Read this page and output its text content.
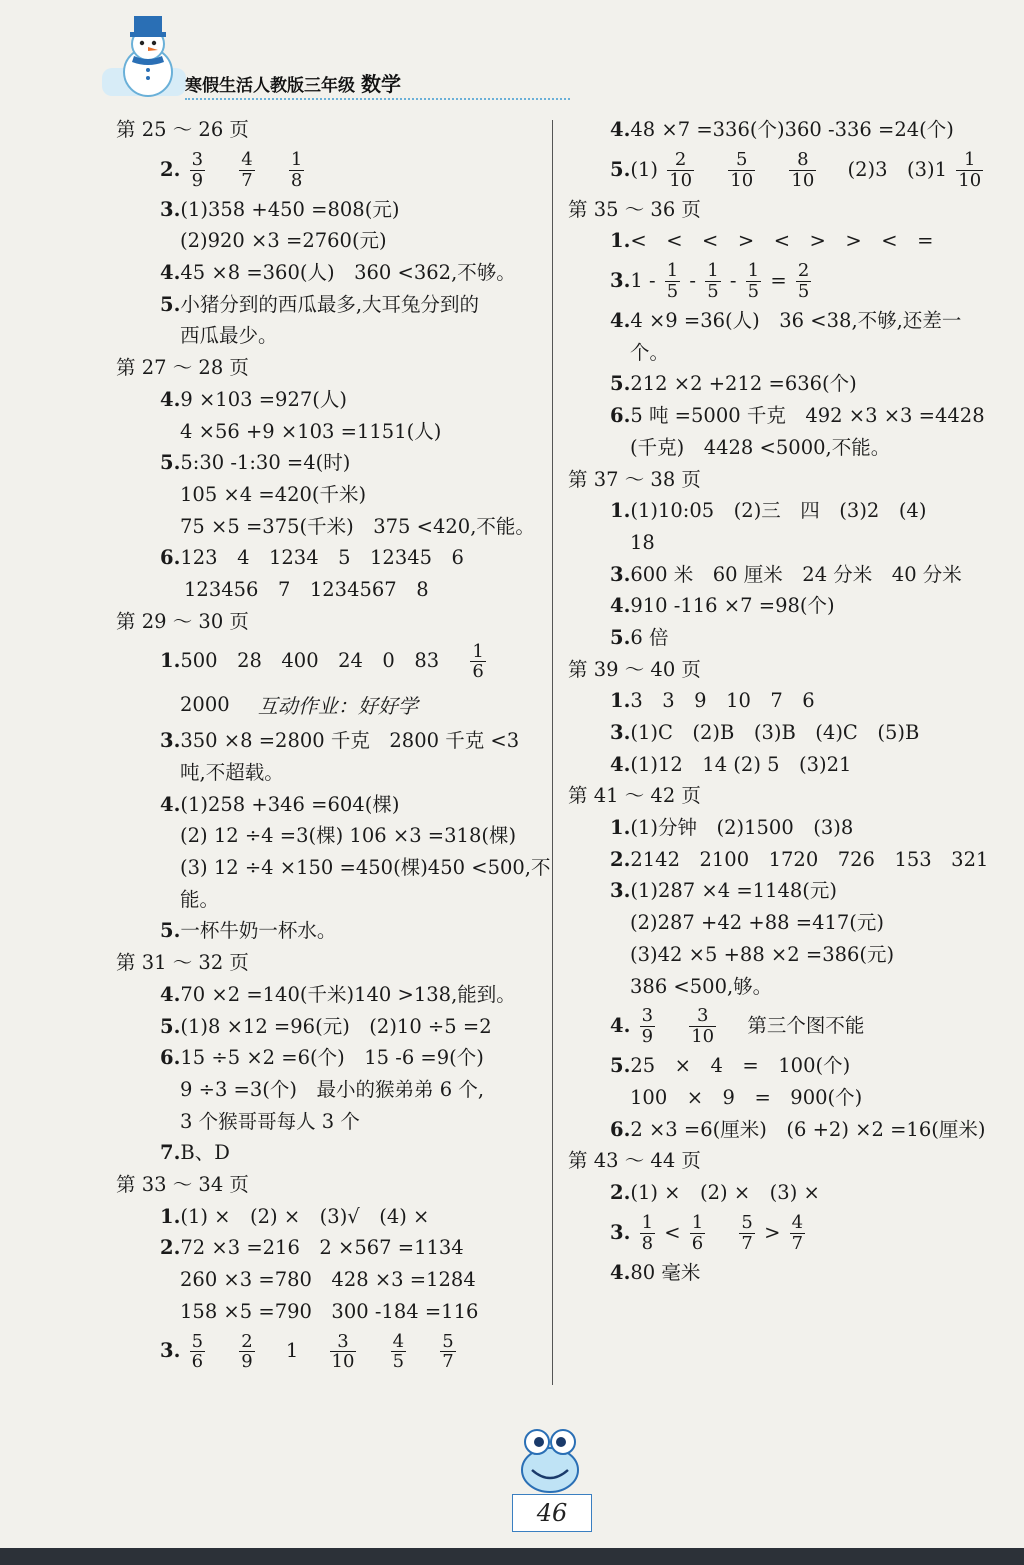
寒假生活人教版三年级 数学
第 25 ～ 26 页
2. $\frac{3}{9}$
$\frac{4}{7}$
$\frac{1}{8}$
3.(1)358 +450 =808(元)
(2)920 ×3 =2760(元)
4.45 ×8 =360(人)　360 <362,不够。
5.小猪分到的西瓜最多,大耳兔分到的
西瓜最少。
第 27 ～ 28 页
4.9 ×103 =927(人)
4 ×56 +9 ×103 =1151(人)
5.5:30 -1:30 =4(时)
105 ×4 =420(千米)
75 ×5 =375(千米)　375 <420,不能。
6.123　4　1234　5　12345　6
123456　7　1234567　8
第 29 ～ 30 页
1.500　28　400　24　0　$83 \frac{1}{6}$
2000 互动作业：好好学
3.350 ×8 =2800 千克　2800 千克 <3
吨,不超载。
4.(1)258 +346 =604(棵)
(2) 12 ÷4 =3(棵) 106 ×3 =318(棵)
(3) 12 ÷4 ×150 =450(棵)450 <500,不
能。
5.一杯牛奶一杯水。
第 31 ～ 32 页
4.70 ×2 =140(千米)140 >138,能到。
5.(1)8 ×12 =96(元)　(2)10 ÷5 =2
6.15 ÷5 ×2 =6(个)　15 -6 =9(个)
9 ÷3 =3(个)　最小的猴弟弟 6 个,
3 个猴哥哥每人 3 个
7.B、D
第 33 ～ 34 页
1.(1) ×　(2) ×　(3)√　(4) ×
2.72 ×3 =216　2 ×567 =1134
260 ×3 =780　428 ×3 =1284
158 ×5 =790　300 -184 =116
3. $\frac{5}{6}$
$\frac{2}{9} 1 \frac{3}{10}$
$\frac{4}{5}$
$\frac{5}{7}$
4.48 ×7 =336(个)360 -336 =24(个)
$5.(1) \frac{2}{10}$
$\frac{5}{10}$
$\frac{8}{10} (2)3$　$(3)1 \frac{1}{10}$
第 35 ～ 36 页
1.<　<　<　>　<　>　>　<　=
$3.1 - \frac{1}{5} - \frac{1}{5} - \frac{1}{5} = \frac{2}{5}$
4.4 ×9 =36(人)　36 <38,不够,还差一
个。
5.212 ×2 +212 =636(个)
6.5 吨 =5000 千克　492 ×3 ×3 =4428
(千克)　4428 <5000,不能。
第 37 ～ 38 页
1.(1)10:05　(2)三　四　(3)2　(4)
18
3.600 米　60 厘米　24 分米　40 分米
4.910 -116 ×7 =98(个)
5.6 倍
第 39 ～ 40 页
1.3　3　9　10　7　6
3.(1)C　(2)B　(3)B　(4)C　(5)B
4.(1)12　14 (2) 5　(3)21
第 41 ～ 42 页
1.(1)分钟　(2)1500　(3)8
2.2142　2100　1720　726　153　321
3.(1)287 ×4 =1148(元)
(2)287 +42 +88 =417(元)
(3)42 ×5 +88 ×2 =386(元)
386 <500,够。
4. $\frac{3}{9}$
$\frac{3}{10}$ 第三个图不能
5.25　×　4　=　100(个)
100　×　9　=　900(个)
6.2 ×3 =6(厘米)　(6 +2) ×2 =16(厘米)
第 43 ～ 44 页
2.(1) ×　(2) ×　(3) ×
3. $\frac{1}{8} < \frac{1}{6}$
$\frac{5}{7} > \frac{4}{7}$
4.80 毫米
46
